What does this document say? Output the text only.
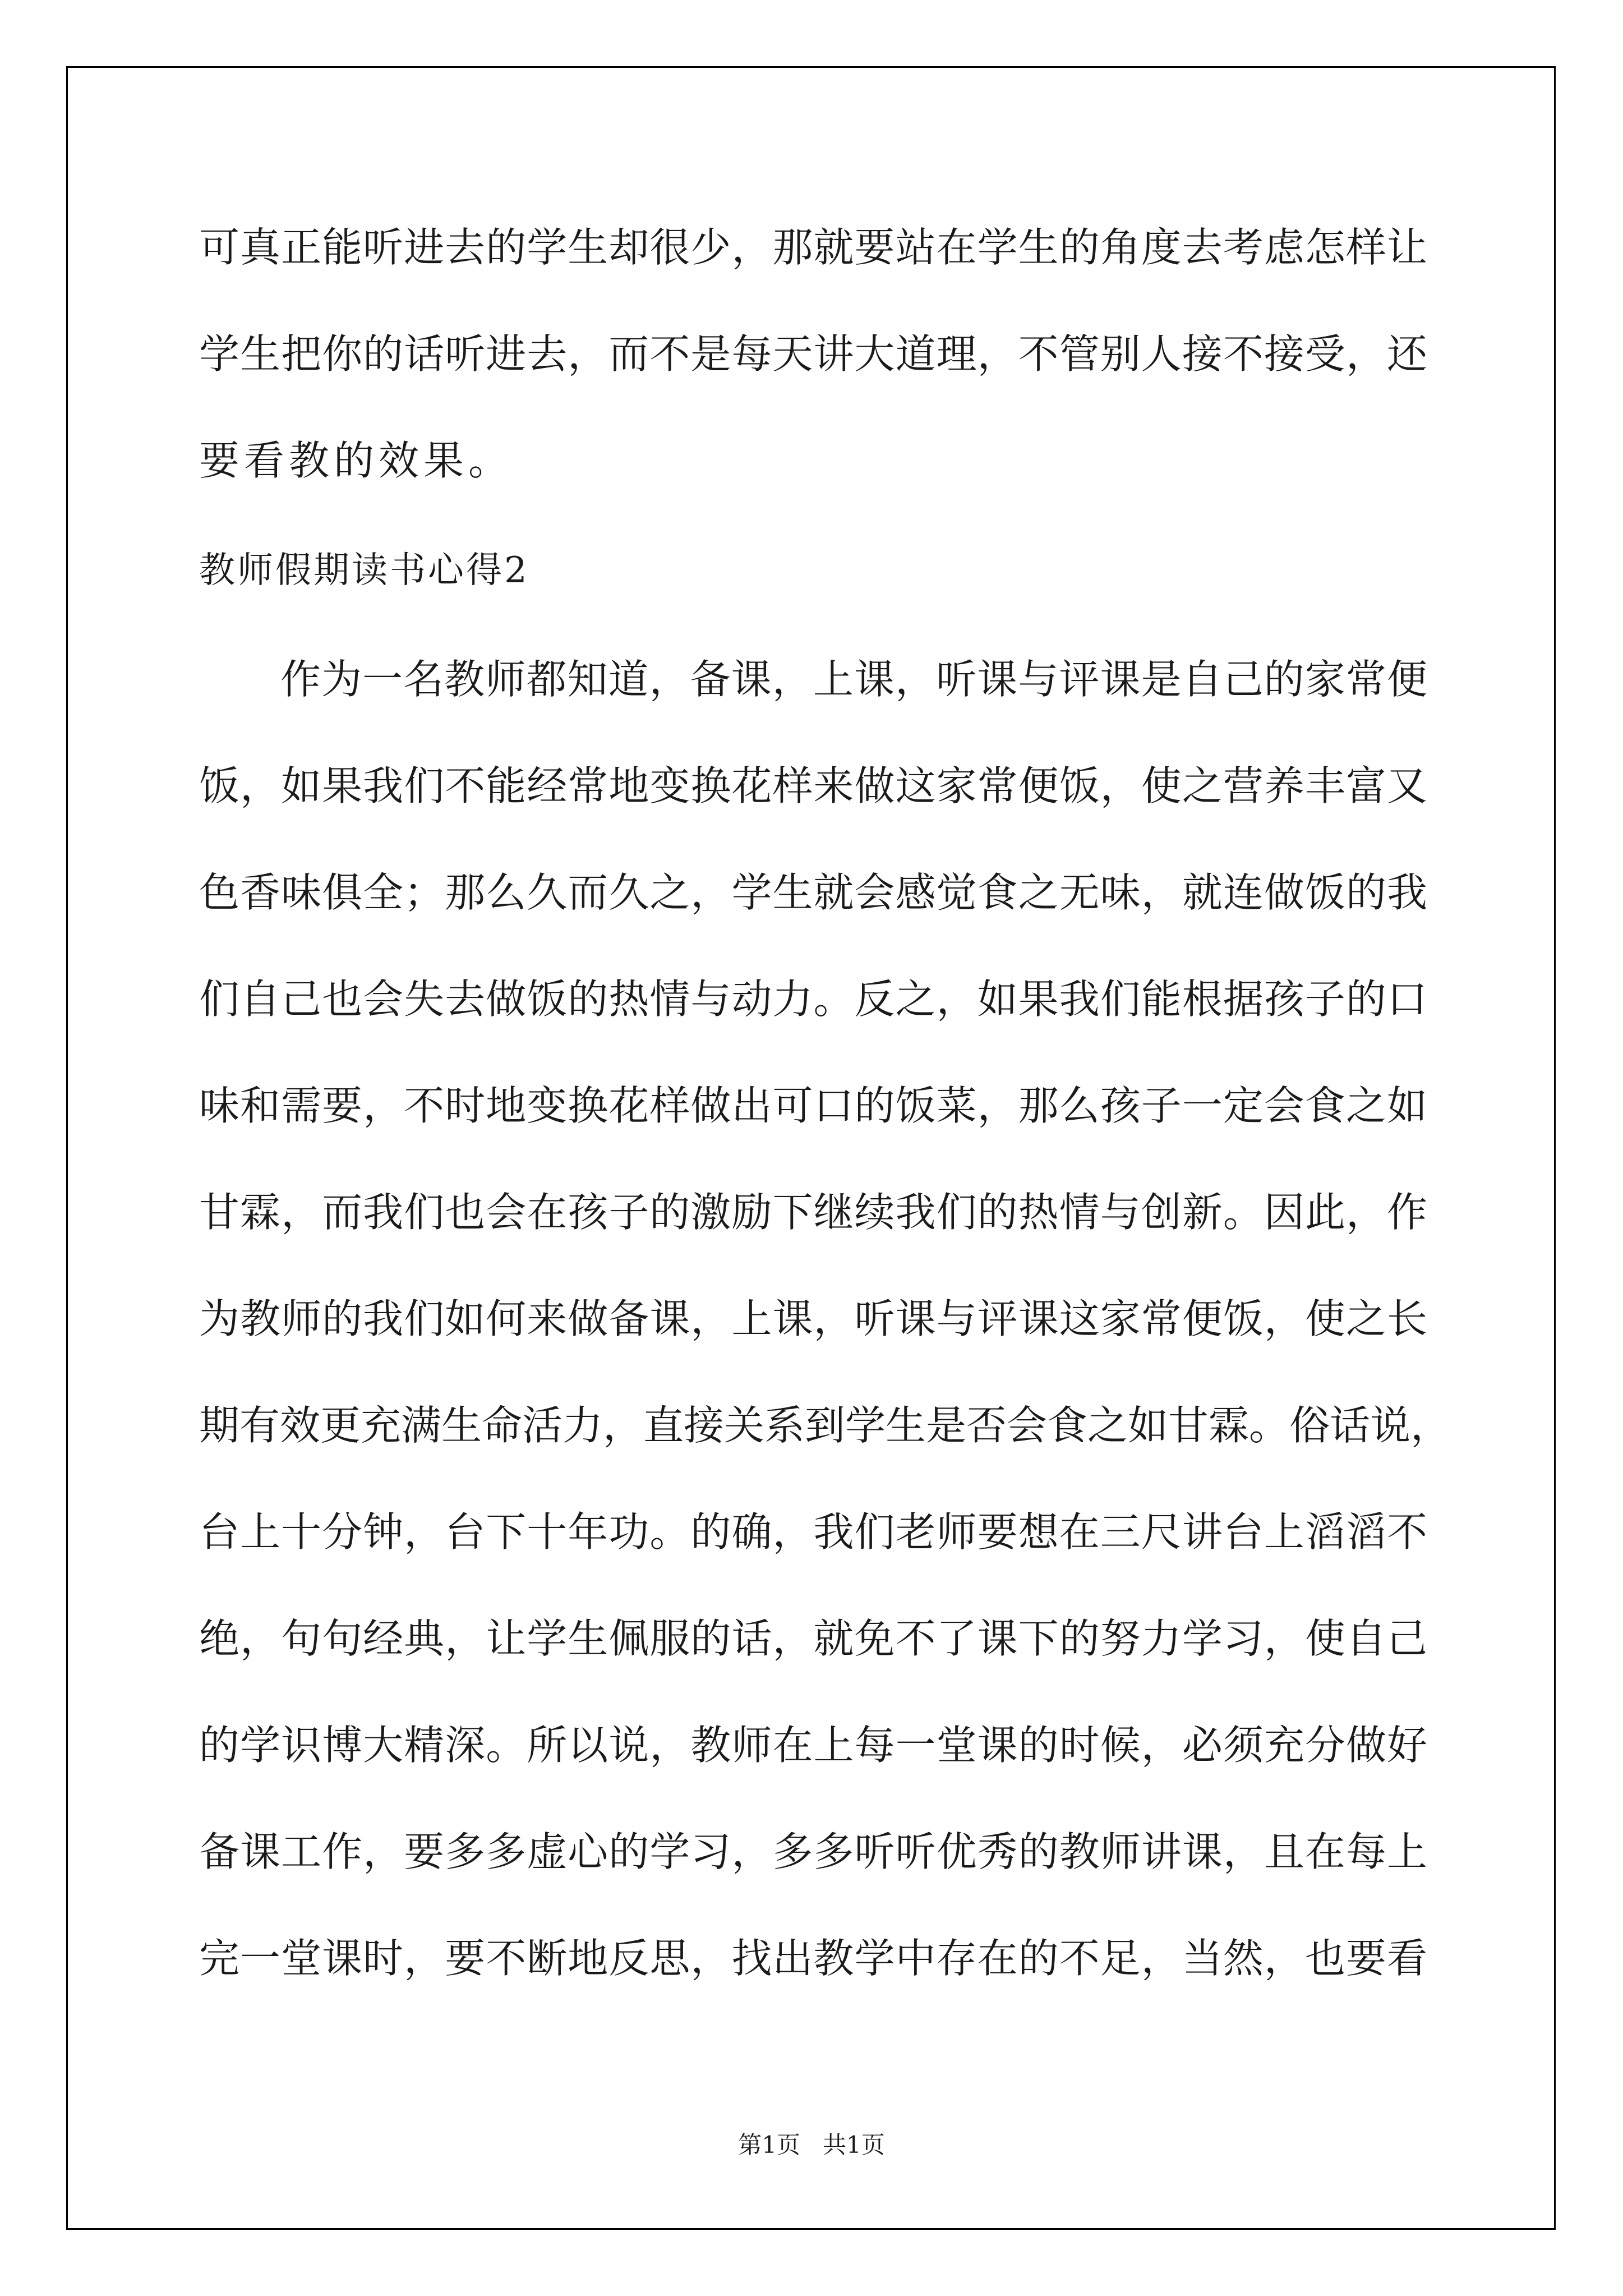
可真正能听进去的学生却很少，那就要站在学生的角度去考虑怎样让

学生把你的话听进去，而不是每天讲大道理，不管别人接不接受，还

要看教的效果。

教师假期读书心得2

作为一名教师都知道，备课，上课，听课与评课是自己的家常便

饭，如果我们不能经常地变换花样来做这家常便饭，使之营养丰富又

色香味俱全；那么久而久之，学生就会感觉食之无味，就连做饭的我

们自己也会失去做饭的热情与动力。反之，如果我们能根据孩子的口

味和需要，不时地变换花样做出可口的饭菜，那么孩子一定会食之如

甘霖，而我们也会在孩子的激励下继续我们的热情与创新。因此，作

为教师的我们如何来做备课，上课，听课与评课这家常便饭，使之长

期有效更充满生命活力，直接关系到学生是否会食之如甘霖。俗话说，

台上十分钟，台下十年功。的确，我们老师要想在三尺讲台上滔滔不

绝，句句经典，让学生佩服的话，就免不了课下的努力学习，使自己

的学识博大精深。所以说，教师在上每一堂课的时候，必须充分做好

备课工作，要多多虚心的学习，多多听听优秀的教师讲课，且在每上

完一堂课时，要不断地反思，找出教学中存在的不足，当然，也要看

第1页   共1页
